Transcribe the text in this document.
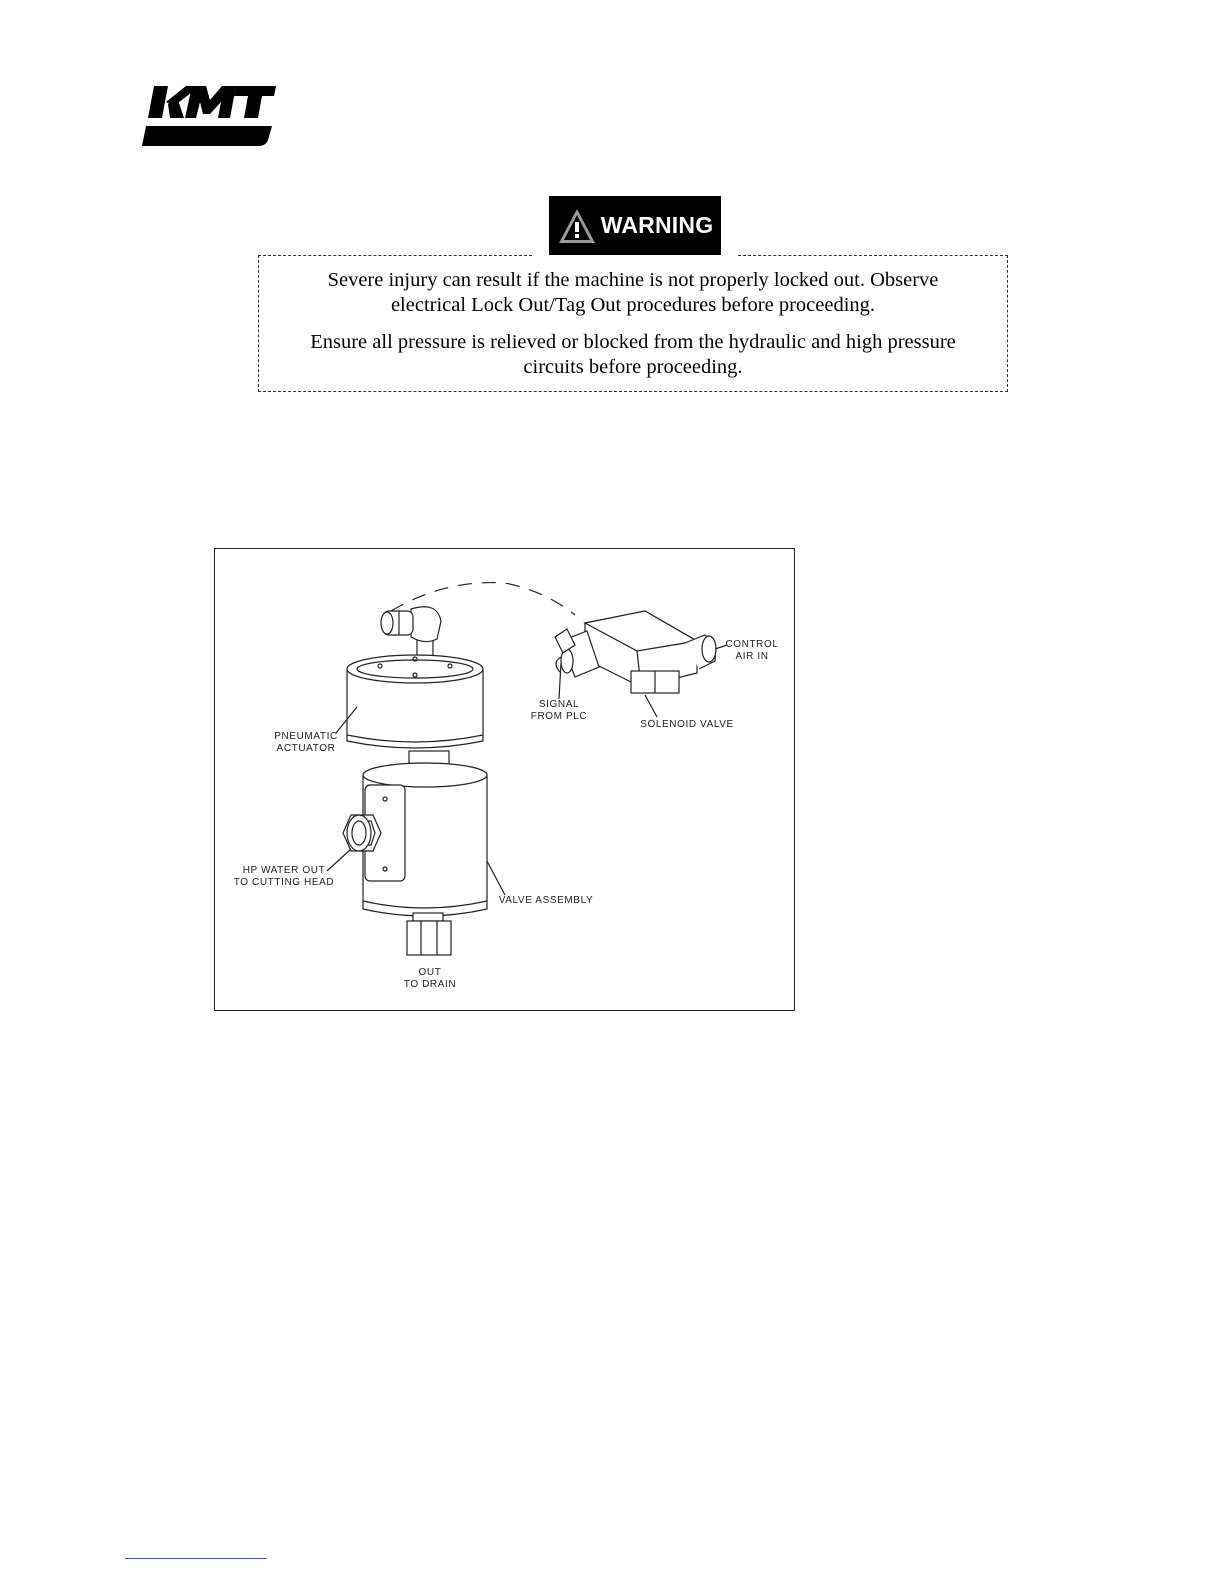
WARNING

Severe injury can result if the machine is not properly locked out. Observe electrical Lock Out/Tag Out procedures before proceeding.

Ensure all pressure is relieved or blocked from the hydraulic and high pressure circuits before proceeding.

CONTROL
AIR IN
SIGNAL
FROM PLC
SOLENOID VALVE
PNEUMATIC
ACTUATOR
HP WATER OUT
TO CUTTING HEAD
VALVE ASSEMBLY
OUT
TO DRAIN
